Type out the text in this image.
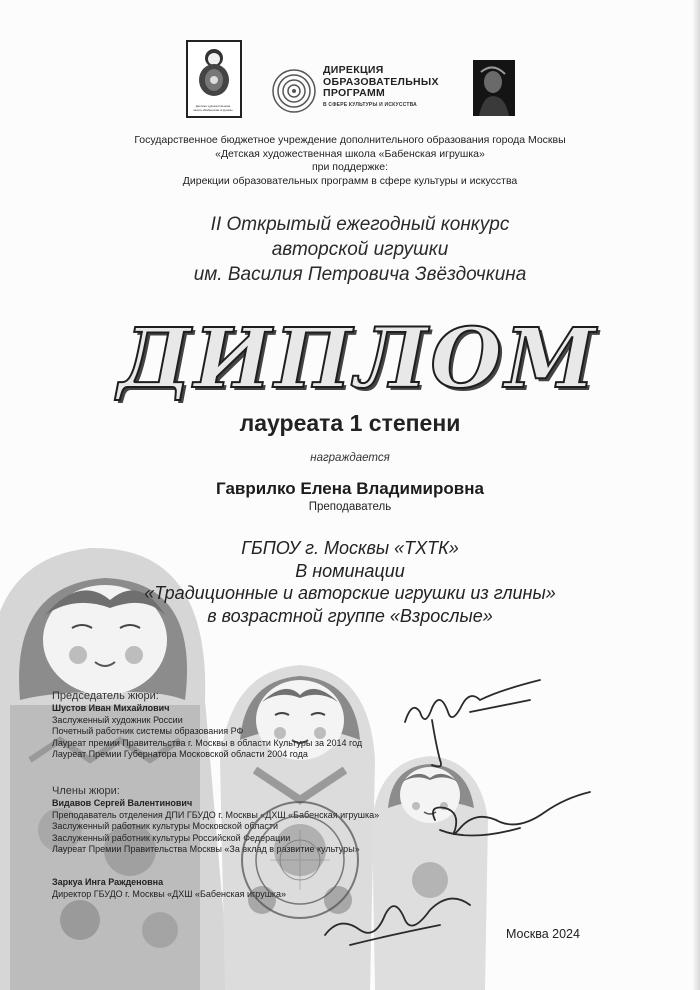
Детская художественная школа «Бабенская игрушка»
ДИРЕКЦИЯ
ОБРАЗОВАТЕЛЬНЫХ
ПРОГРАММ
В СФЕРЕ КУЛЬТУРЫ И ИСКУССТВА
Государственное бюджетное учреждение дополнительного образования города Москвы
«Детская художественная школа «Бабенская игрушка»
при поддержке:
Дирекции образовательных программ в сфере культуры и искусства
II Открытый ежегодный конкурс
авторской игрушки
им. Василия Петровича Звёздочкина
ДИПЛОМ
лауреата 1 степени
награждается
Гаврилко Елена Владимировна
Преподаватель
ГБПОУ г. Москвы «ТХТК»
В номинации
«Традиционные и авторские игрушки из глины»
в возрастной группе «Взрослые»
Председатель жюри:
Шустов Иван Михайлович
Заслуженный художник России
Почетный работник системы образования РФ
Лауреат премии Правительства г. Москвы в области Культуры за 2014 год
Лауреат Премии Губернатора Московской области 2004 года
Члены жюри:
Видавов Сергей Валентинович
Преподаватель отделения ДПИ ГБУДО г. Москвы «ДХШ «Бабенская игрушка»
Заслуженный работник культуры Московской области
Заслуженный работник культуры Российской Федерации
Лауреат Премии Правительства Москвы «За вклад в развитие культуры»
Заркуа Инга Ражденовна
Директор ГБУДО г. Москвы «ДХШ «Бабенская игрушка»
Москва 2024
